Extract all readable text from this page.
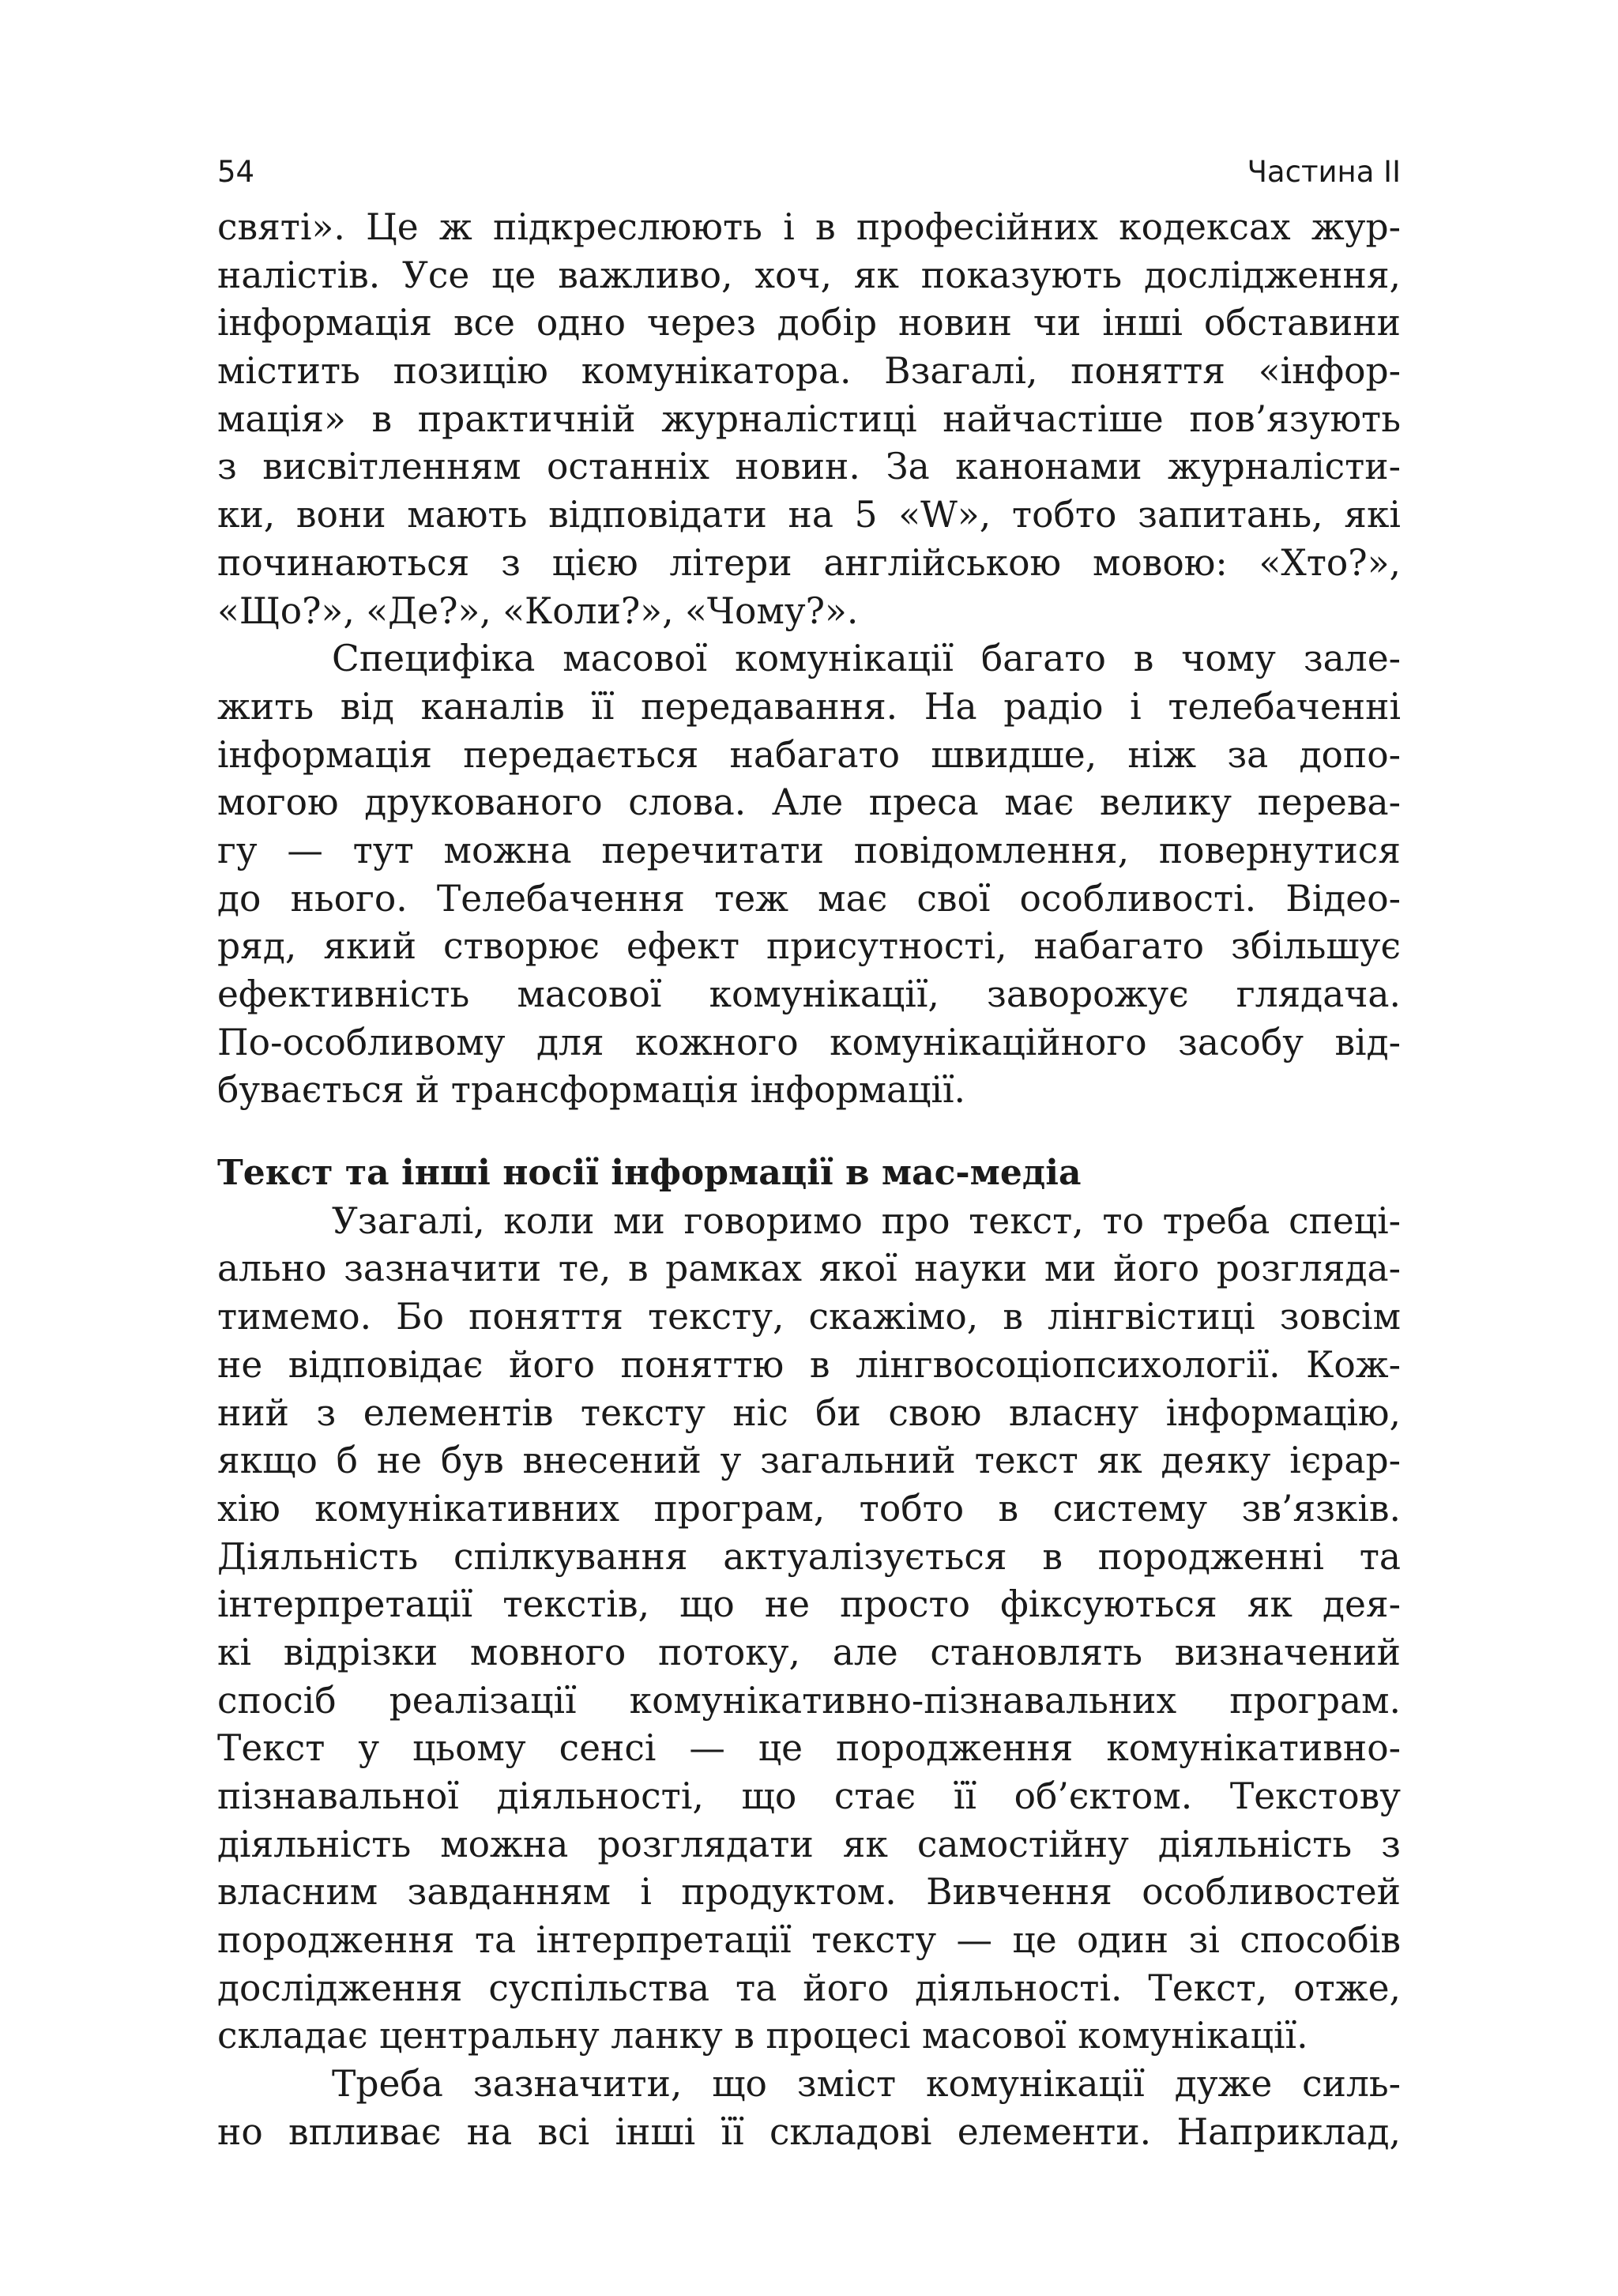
54	Частина ІІ
святі». Це ж підкреслюють і в професійних кодексах жур-
налістів. Усе це важливо, хоч, як показують дослідження,
інформація все одно через добір новин чи інші обставини
містить позицію комунікатора. Взагалі, поняття «інфор-
мація» в практичній журналістиці найчастіше пов’язують
з висвітленням останніх новин. За канонами журналісти-
ки, вони мають відповідати на 5 «W», тобто запитань, які
починаються з цією літери англійською мовою: «Хто?»,
«Що?», «Де?», «Коли?», «Чому?».
Специфіка масової комунікації багато в чому зале-
жить від каналів її передавання. На радіо і телебаченні
інформація передається набагато швидше, ніж за допо-
могою друкованого слова. Але преса має велику перева-
гу — тут можна перечитати повідомлення, повернутися
до нього. Телебачення теж має свої особливості. Відео-
ряд, який створює ефект присутності, набагато збільшує
ефективність масової комунікації, заворожує глядача.
По-особливому для кожного комунікаційного засобу від-
бувається й трансформація інформації.
Текст та інші носії інформації в мас-медіа
Узагалі, коли ми говоримо про текст, то треба спеці-
ально зазначити те, в рамках якої науки ми його розгляда-
тимемо. Бо поняття тексту, скажімо, в лінгвістиці зовсім
не відповідає його поняттю в лінгвосоціопсихології. Кож-
ний з елементів тексту ніс би свою власну інформацію,
якщо б не був внесений у загальний текст як деяку ієрар-
хію комунікативних програм, тобто в систему зв’язків.
Діяльність спілкування актуалізується в породженні та
інтерпретації текстів, що не просто фіксуються як дея-
кі відрізки мовного потоку, але становлять визначений
спосіб реалізації комунікативно-пізнавальних програм.
Текст у цьому сенсі — це породження комунікативно-
пізнавальної діяльності, що стає її об’єктом. Текстову
діяльність можна розглядати як самостійну діяльність з
власним завданням і продуктом. Вивчення особливостей
породження та інтерпретації тексту — це один зі способів
дослідження суспільства та його діяльності. Текст, отже,
складає центральну ланку в процесі масової комунікації.
Треба зазначити, що зміст комунікації дуже силь-
но впливає на всі інші її складові елементи. Наприклад,
